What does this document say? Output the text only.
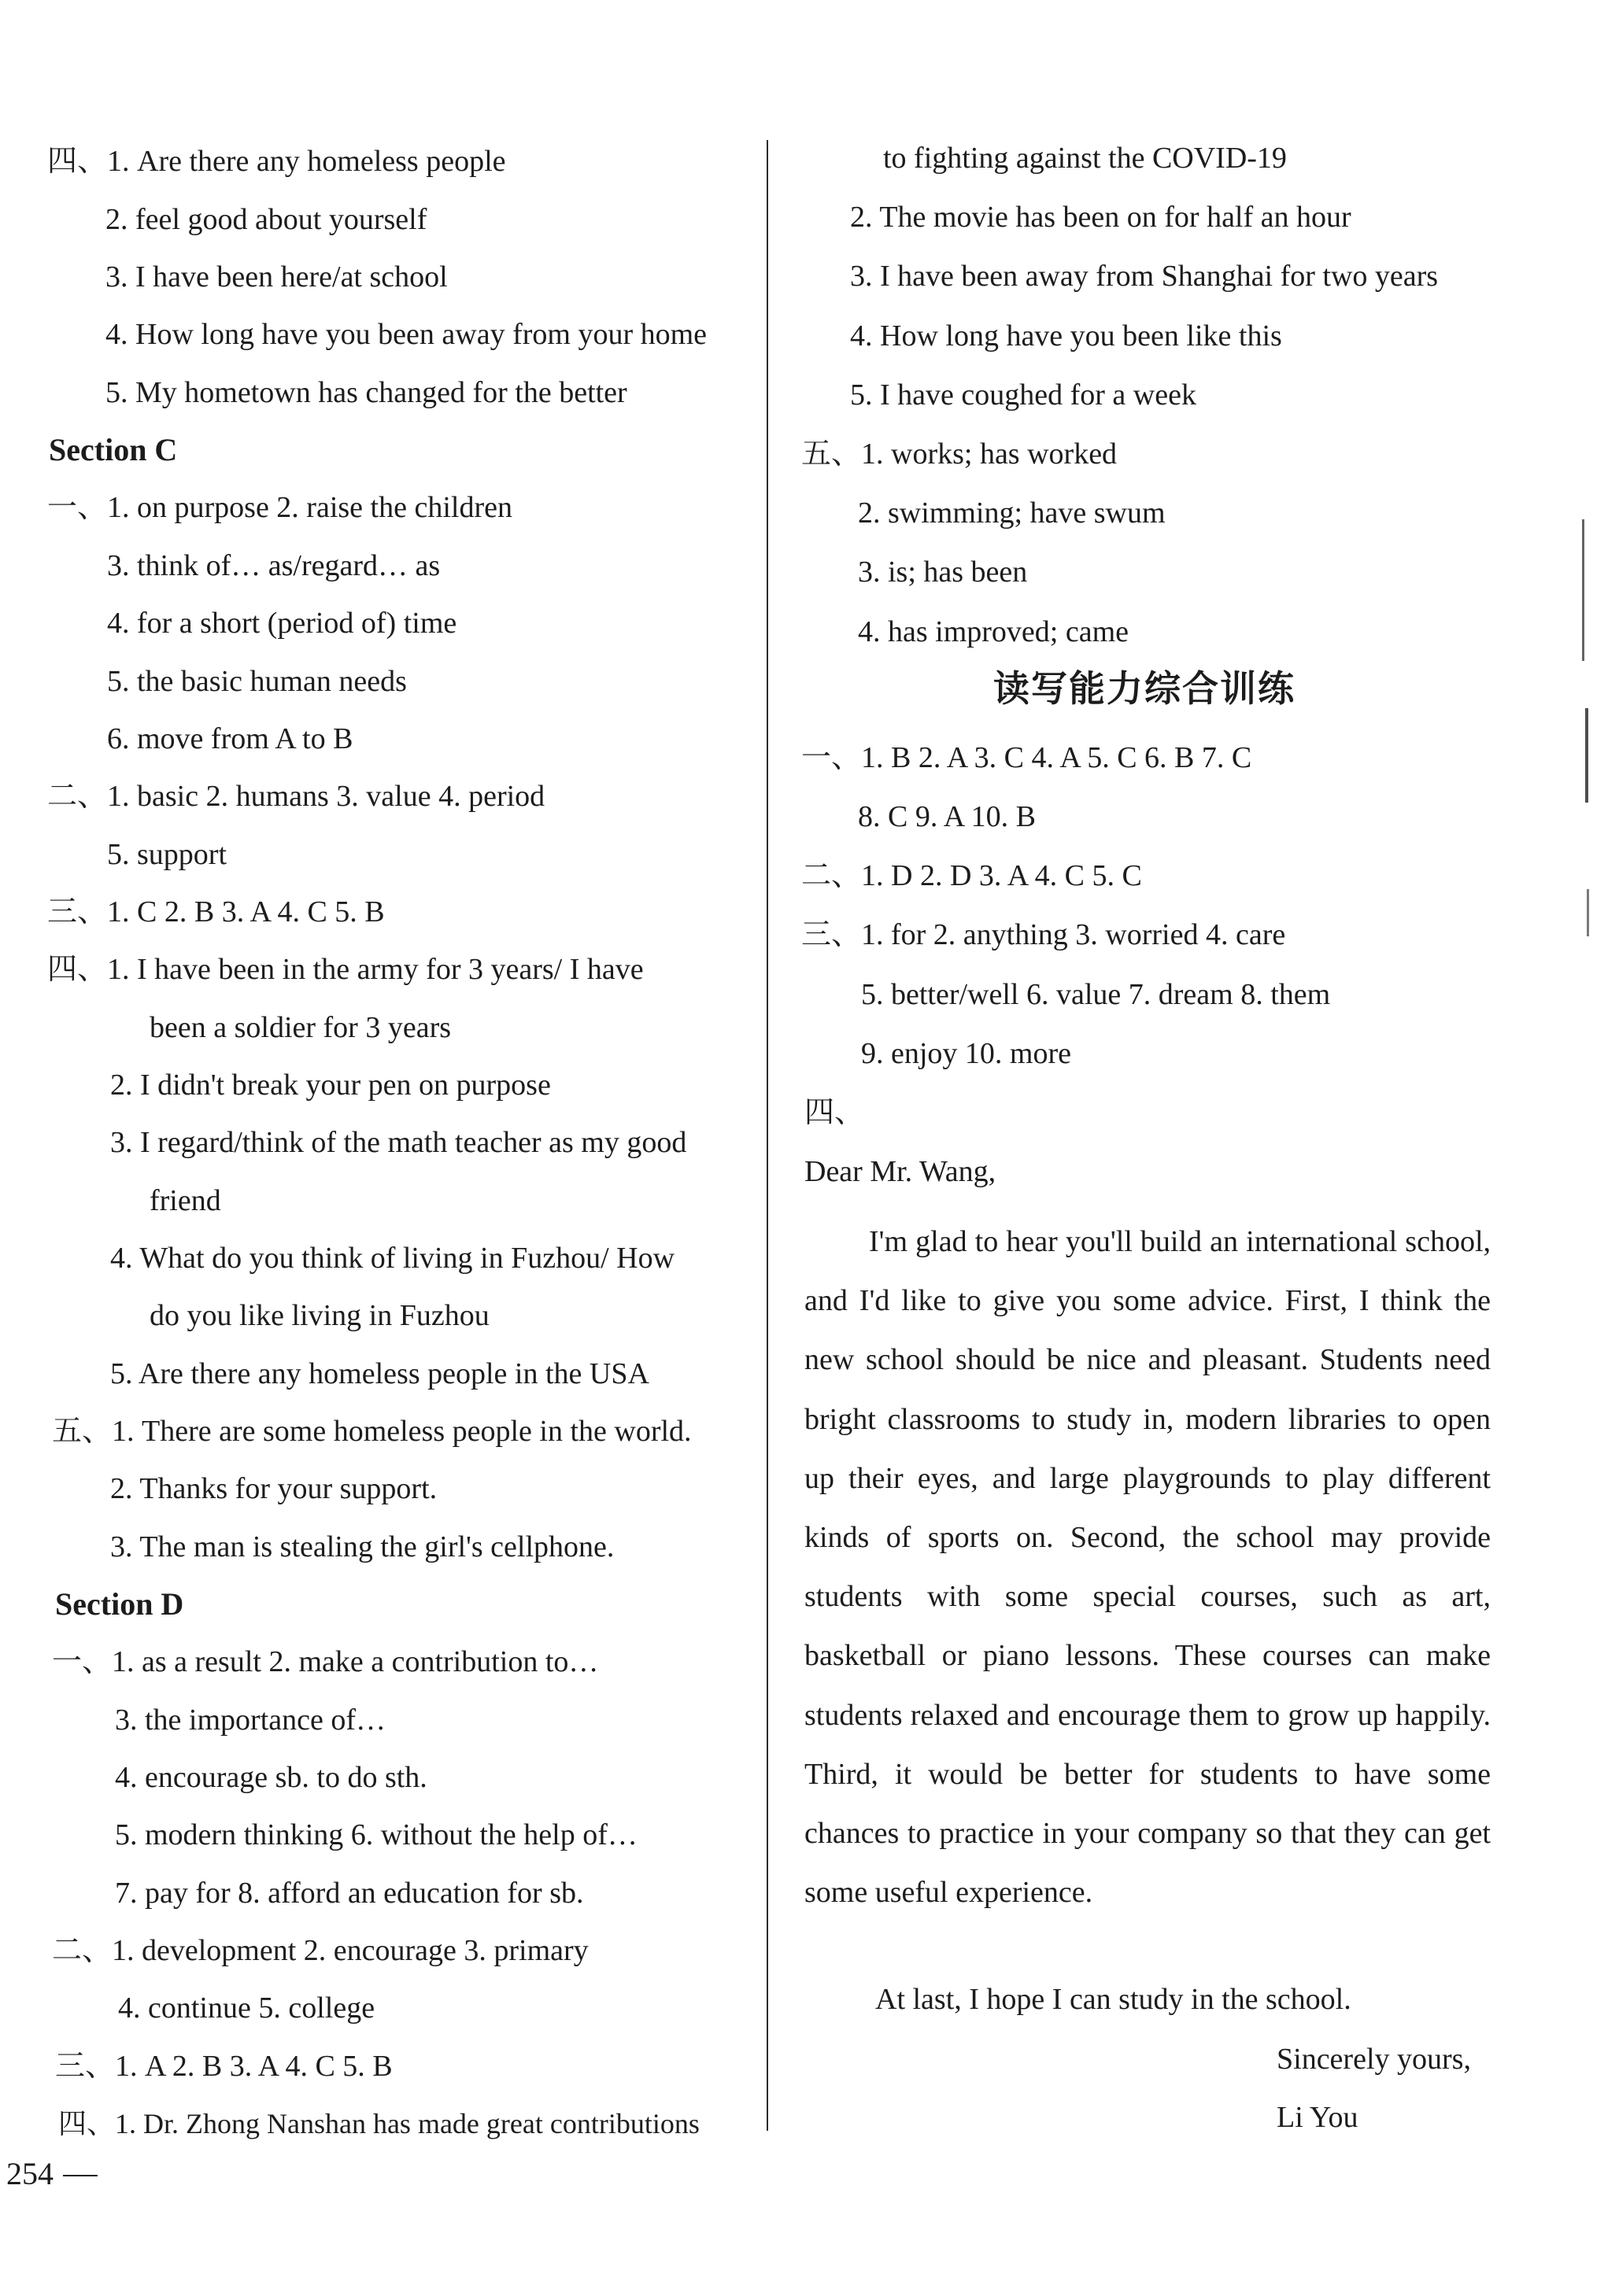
四、1. Are there any homeless people
2. feel good about yourself
3. I have been here/at school
4. How long have you been away from your home
5. My hometown has changed for the better
Section C
一、1. on purpose 2. raise the children
3. think of… as/regard… as
4. for a short (period of) time
5. the basic human needs
6. move from A to B
二、1. basic 2. humans 3. value 4. period
5. support
三、1. C 2. B 3. A 4. C 5. B
四、1. I have been in the army for 3 years/ I have
been a soldier for 3 years
2. I didn't break your pen on purpose
3. I regard/think of the math teacher as my good
friend
4. What do you think of living in Fuzhou/ How
do you like living in Fuzhou
5. Are there any homeless people in the USA
五、1. There are some homeless people in the world.
2. Thanks for your support.
3. The man is stealing the girl's cellphone.
Section D
一、1. as a result 2. make a contribution to…
3. the importance of…
4. encourage sb. to do sth.
5. modern thinking 6. without the help of…
7. pay for 8. afford an education for sb.
二、1. development 2. encourage 3. primary
4. continue 5. college
三、1. A 2. B 3. A 4. C 5. B
四、1. Dr. Zhong Nanshan has made great contributions
to fighting against the COVID-19
2. The movie has been on for half an hour
3. I have been away from Shanghai for two years
4. How long have you been like this
5. I have coughed for a week
五、1. works; has worked
2. swimming; have swum
3. is; has been
4. has improved; came
读写能力综合训练
一、1. B 2. A 3. C 4. A 5. C 6. B 7. C
8. C 9. A 10. B
二、1. D 2. D 3. A 4. C 5. C
三、1. for 2. anything 3. worried 4. care
5. better/well 6. value 7. dream 8. them
9. enjoy 10. more
四、
Dear Mr. Wang,
I'm glad to hear you'll build an international school, and I'd like to give you some advice. First, I think the new school should be nice and pleasant. Students need bright classrooms to study in, modern libraries to open up their eyes, and large playgrounds to play different kinds of sports on. Second, the school may provide students with some special courses, such as art, basketball or piano lessons. These courses can make students relaxed and encourage them to grow up happily. Third, it would be better for students to have some chances to practice in your company so that they can get some useful experience.
At last, I hope I can study in the school.
Sincerely yours,
Li You
254
